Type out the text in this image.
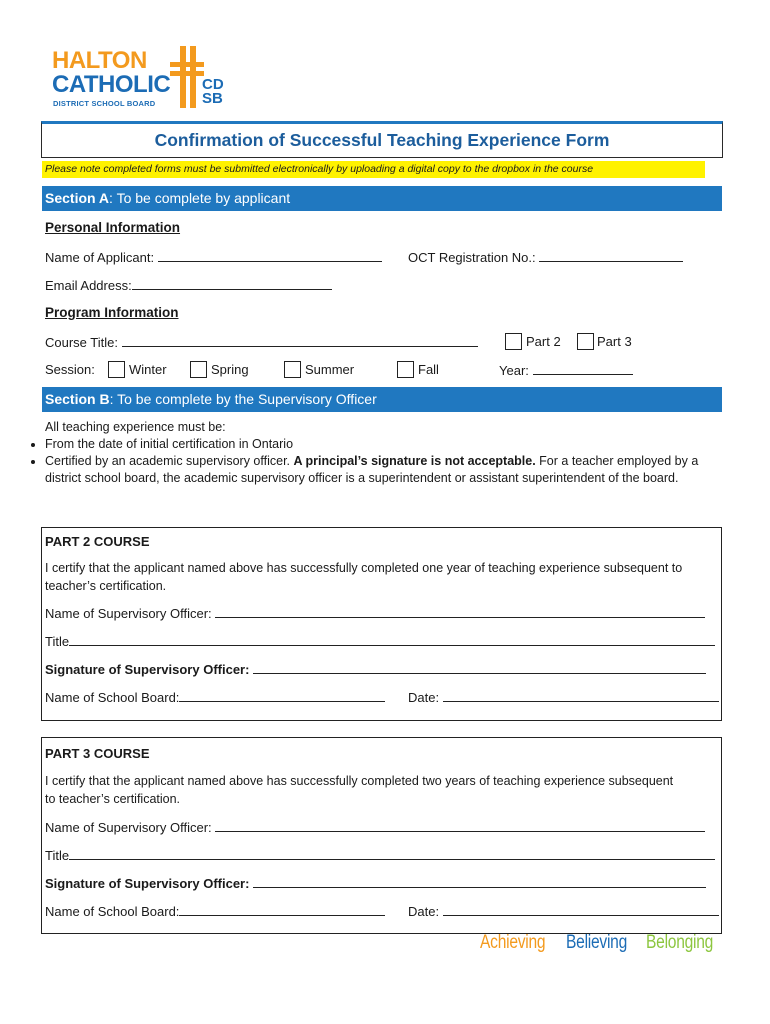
HALTON
CATHOLIC
DISTRICT SCHOOL BOARD
CD
SB
Confirmation of Successful Teaching Experience Form
Please note completed forms must be submitted electronically by uploading a digital copy to the dropbox in the course
Section A: To be complete by applicant
Personal Information
Name of Applicant:	OCT Registration No.:
Email Address:
Program Information
Course Title:	Part 2	Part 3
Session:	Winter	Spring	Summer	Fall	Year:
Section B: To be complete by the Supervisory Officer
All teaching experience must be:
• From the date of initial certification in Ontario
• Certified by an academic supervisory officer. A principal’s signature is not acceptable. For a teacher employed by a district school board, the academic supervisory officer is a superintendent or assistant superintendent of the board.
PART 2 COURSE
I certify that the applicant named above has successfully completed one year of teaching experience subsequent to teacher’s certification.
Name of Supervisory Officer:
Title
Signature of Supervisory Officer:
Name of School Board:	Date:
PART 3 COURSE
I certify that the applicant named above has successfully completed two years of teaching experience subsequent to teacher’s certification.
Name of Supervisory Officer:
Title
Signature of Supervisory Officer:
Name of School Board:	Date:
Achieving Believing Belonging
